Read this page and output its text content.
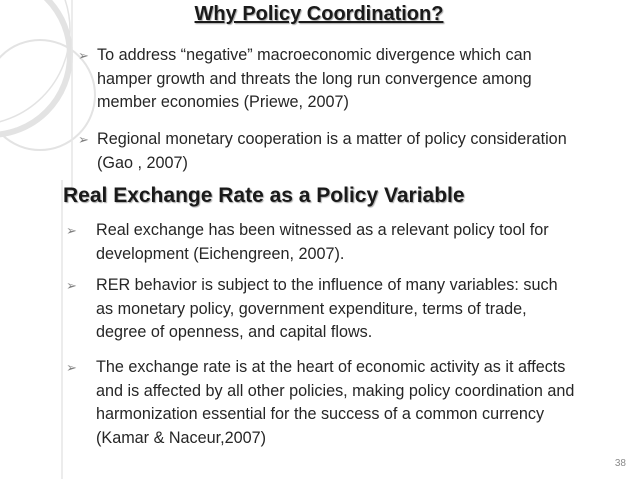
Why Policy Coordination?
➢ To address “negative” macroeconomic divergence which can
hamper growth and threats the long run convergence among
member economies (Priewe, 2007)
➢ Regional monetary cooperation is a matter of policy consideration
(Gao , 2007)
Real Exchange Rate as a Policy Variable
➢ Real exchange has been witnessed as a relevant policy tool for
development (Eichengreen, 2007).
➢ RER behavior is subject to the influence of many variables: such
as monetary policy, government expenditure, terms of trade,
degree of openness, and capital flows.
➢ The exchange rate is at the heart of economic activity as it affects
and is affected by all other policies, making policy coordination and
harmonization essential for the success of a common currency
(Kamar & Naceur,2007)
38
